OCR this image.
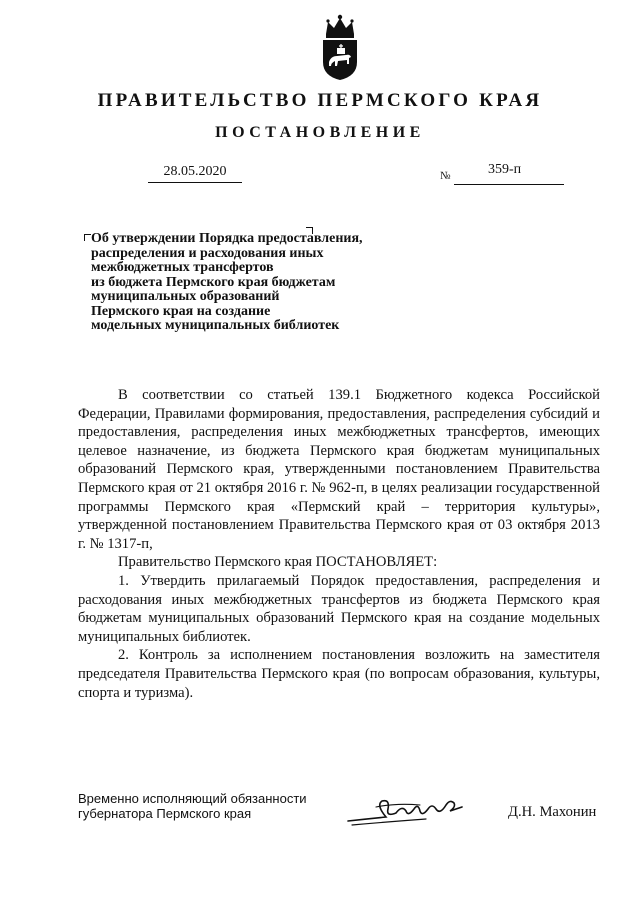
ПРАВИТЕЛЬСТВО ПЕРМСКОГО КРАЯ
ПОСТАНОВЛЕНИЕ
28.05.2020	№	359-п
Об утверждении Порядка предоставления,
распределения и расходования иных
межбюджетных трансфертов
из бюджета Пермского края бюджетам
муниципальных образований
Пермского края на создание
модельных муниципальных библиотек

В соответствии со статьей 139.1 Бюджетного кодекса Российской Федерации, Правилами формирования, предоставления, распределения субсидий и предоставления, распределения иных межбюджетных трансфертов, имеющих целевое назначение, из бюджета Пермского края бюджетам муниципальных образований Пермского края, утвержденными постановлением Правительства Пермского края от 21 октября 2016 г. № 962-п, в целях реализации государственной программы Пермского края «Пермский край – территория культуры», утвержденной постановлением Правительства Пермского края от 03 октября 2013 г. № 1317-п,

Правительство Пермского края ПОСТАНОВЛЯЕТ:

1. Утвердить прилагаемый Порядок предоставления, распределения и расходования иных межбюджетных трансфертов из бюджета Пермского края бюджетам муниципальных образований Пермского края на создание модельных муниципальных библиотек.

2. Контроль за исполнением постановления возложить на заместителя председателя Правительства Пермского края (по вопросам образования, культуры, спорта и туризма).

Временно исполняющий обязанности
губернатора Пермского края	Д.Н. Махонин
